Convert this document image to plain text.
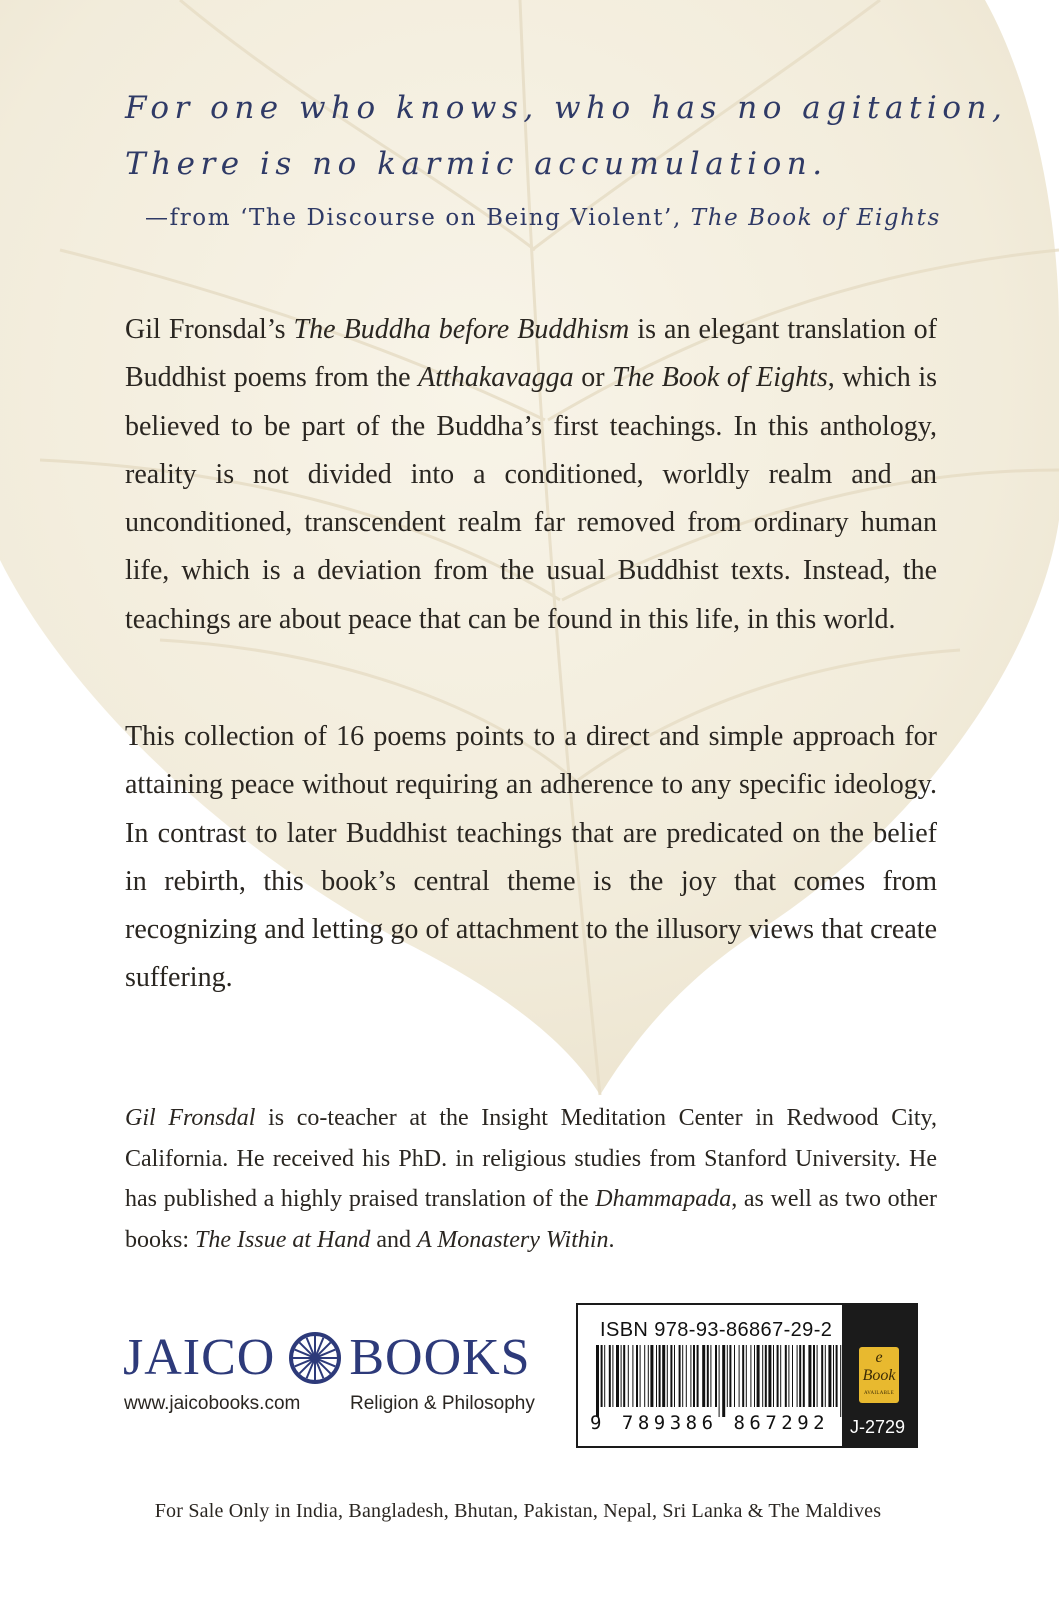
For one who knows, who has no agitation,
There is no karmic accumulation.
—from ‘The Discourse on Being Violent’, The Book of Eights
Gil Fronsdal’s The Buddha before Buddhism is an elegant translation of Buddhist poems from the Atthakavagga or The Book of Eights, which is believed to be part of the Buddha’s first teachings. In this anthology, reality is not divided into a conditioned, worldly realm and an unconditioned, transcendent realm far removed from ordinary human life, which is a deviation from the usual Buddhist texts. Instead, the teachings are about peace that can be found in this life, in this world.
This collection of 16 poems points to a direct and simple approach for attaining peace without requiring an adherence to any specific ideology. In contrast to later Buddhist teachings that are predicated on the belief in rebirth, this book’s central theme is the joy that comes from recognizing and letting go of attachment to the illusory views that create suffering.
Gil Fronsdal is co-teacher at the Insight Meditation Center in Redwood City, California. He received his PhD. in religious studies from Stanford University. He has published a highly praised translation of the Dhammapada, as well as two other books: The Issue at Hand and A Monastery Within.
JAICO BOOKS
www.jaicobooks.com	Religion & Philosophy
ISBN 978-93-86867-29-2
9 789386 867292
e Book
AVAILABLE
J-2729
For Sale Only in India, Bangladesh, Bhutan, Pakistan, Nepal, Sri Lanka & The Maldives
